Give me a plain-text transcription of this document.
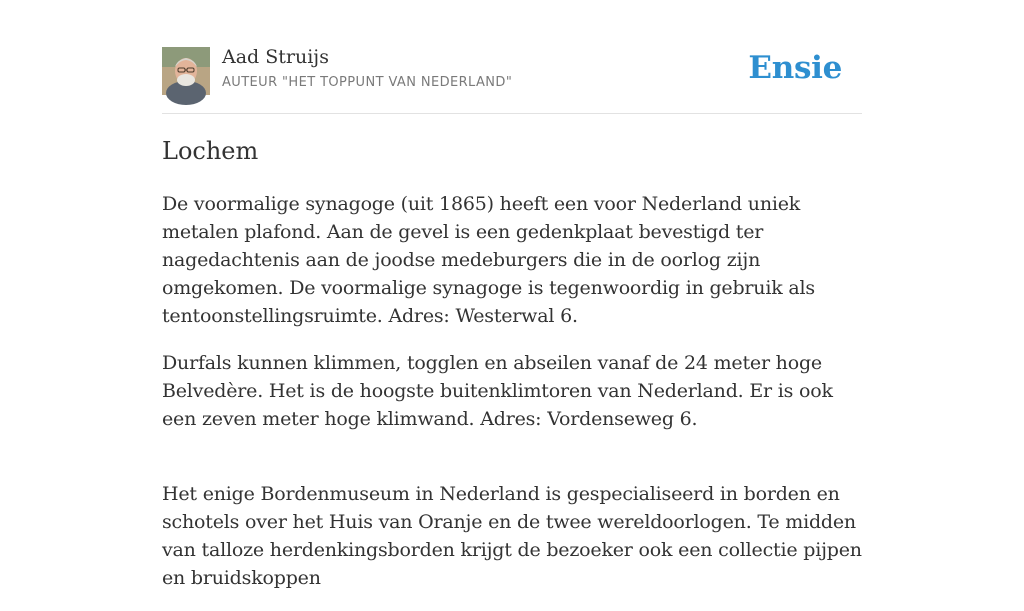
Aad Struijs
AUTEUR "HET TOPPUNT VAN NEDERLAND"	Ensie
Lochem

De voormalige synagoge (uit 1865) heeft een voor Nederland uniek metalen plafond. Aan de gevel is een gedenkplaat bevestigd ter nagedachtenis aan de joodse medeburgers die in de oorlog zijn omgekomen. De voormalige synagoge is tegenwoordig in gebruik als tentoonstellingsruimte. Adres: Westerwal 6.

Durfals kunnen klimmen, togglen en abseilen vanaf de 24 meter hoge Belvedère. Het is de hoogste buitenklimtoren van Nederland. Er is ook een zeven meter hoge klimwand. Adres: Vordenseweg 6.

Het enige Bordenmuseum in Nederland is gespecialiseerd in borden en schotels over het Huis van Oranje en de twee wereldoorlogen. Te midden van talloze herdenkingsborden krijgt de bezoeker ook een collectie pijpen en bruidskoppen
